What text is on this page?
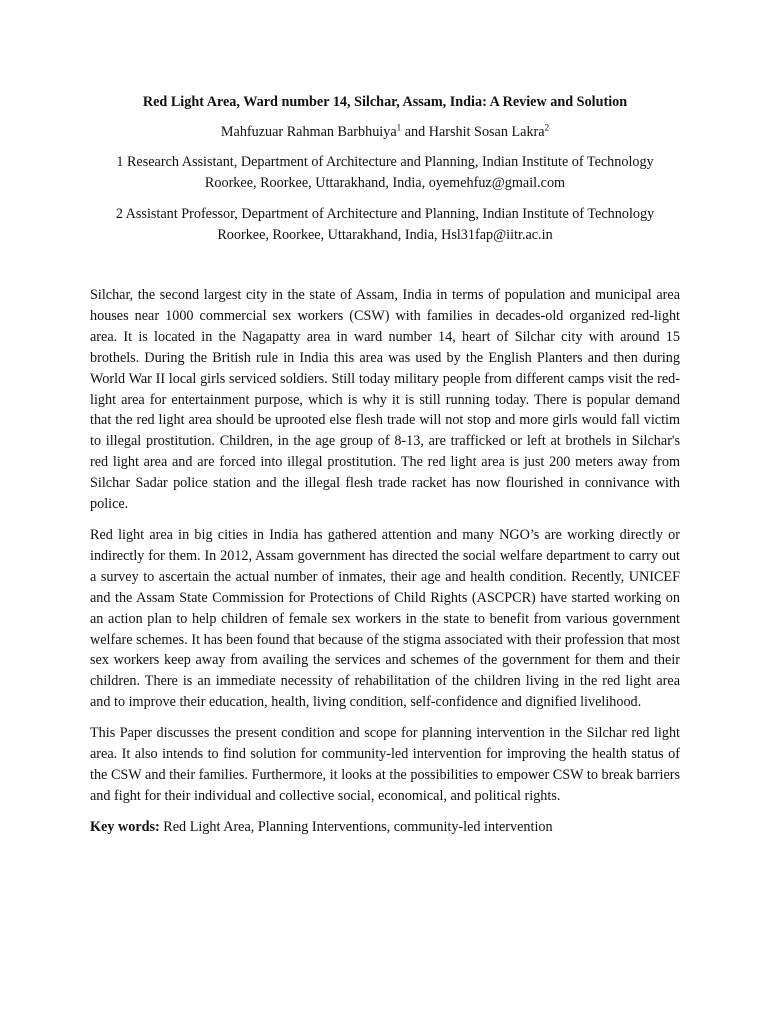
Red Light Area, Ward number 14, Silchar, Assam, India: A Review and Solution
Mahfuzuar Rahman Barbhuiya$^1$ and Harshit Sosan Lakra$^2$
1 Research Assistant, Department of Architecture and Planning, Indian Institute of Technology
Roorkee, Roorkee, Uttarakhand, India, oyemehfuz@gmail.com
2 Assistant Professor, Department of Architecture and Planning, Indian Institute of Technology
Roorkee, Roorkee, Uttarakhand, India, Hsl31fap@iitr.ac.in

Silchar, the second largest city in the state of Assam, India in terms of population and municipal area houses near 1000 commercial sex workers (CSW) with families in decades-old organized red-light area. It is located in the Nagapatty area in ward number 14, heart of Silchar city with around 15 brothels. During the British rule in India this area was used by the English Planters and then during World War II local girls serviced soldiers. Still today military people from different camps visit the red-light area for entertainment purpose, which is why it is still running today. There is popular demand that the red light area should be uprooted else flesh trade will not stop and more girls would fall victim to illegal prostitution. Children, in the age group of 8-13, are trafficked or left at brothels in Silchar's red light area and are forced into illegal prostitution. The red light area is just 200 meters away from Silchar Sadar police station and the illegal flesh trade racket has now flourished in connivance with police.

Red light area in big cities in India has gathered attention and many NGO’s are working directly or indirectly for them. In 2012, Assam government has directed the social welfare department to carry out a survey to ascertain the actual number of inmates, their age and health condition. Recently, UNICEF and the Assam State Commission for Protections of Child Rights (ASCPCR) have started working on an action plan to help children of female sex workers in the state to benefit from various government welfare schemes. It has been found that because of the stigma associated with their profession that most sex workers keep away from availing the services and schemes of the government for them and their children. There is an immediate necessity of rehabilitation of the children living in the red light area and to improve their education, health, living condition, self-confidence and dignified livelihood.

This Paper discusses the present condition and scope for planning intervention in the Silchar red light area. It also intends to find solution for community-led intervention for improving the health status of the CSW and their families. Furthermore, it looks at the possibilities to empower CSW to break barriers and fight for their individual and collective social, economical, and political rights.

Key words: Red Light Area, Planning Interventions, community-led intervention
